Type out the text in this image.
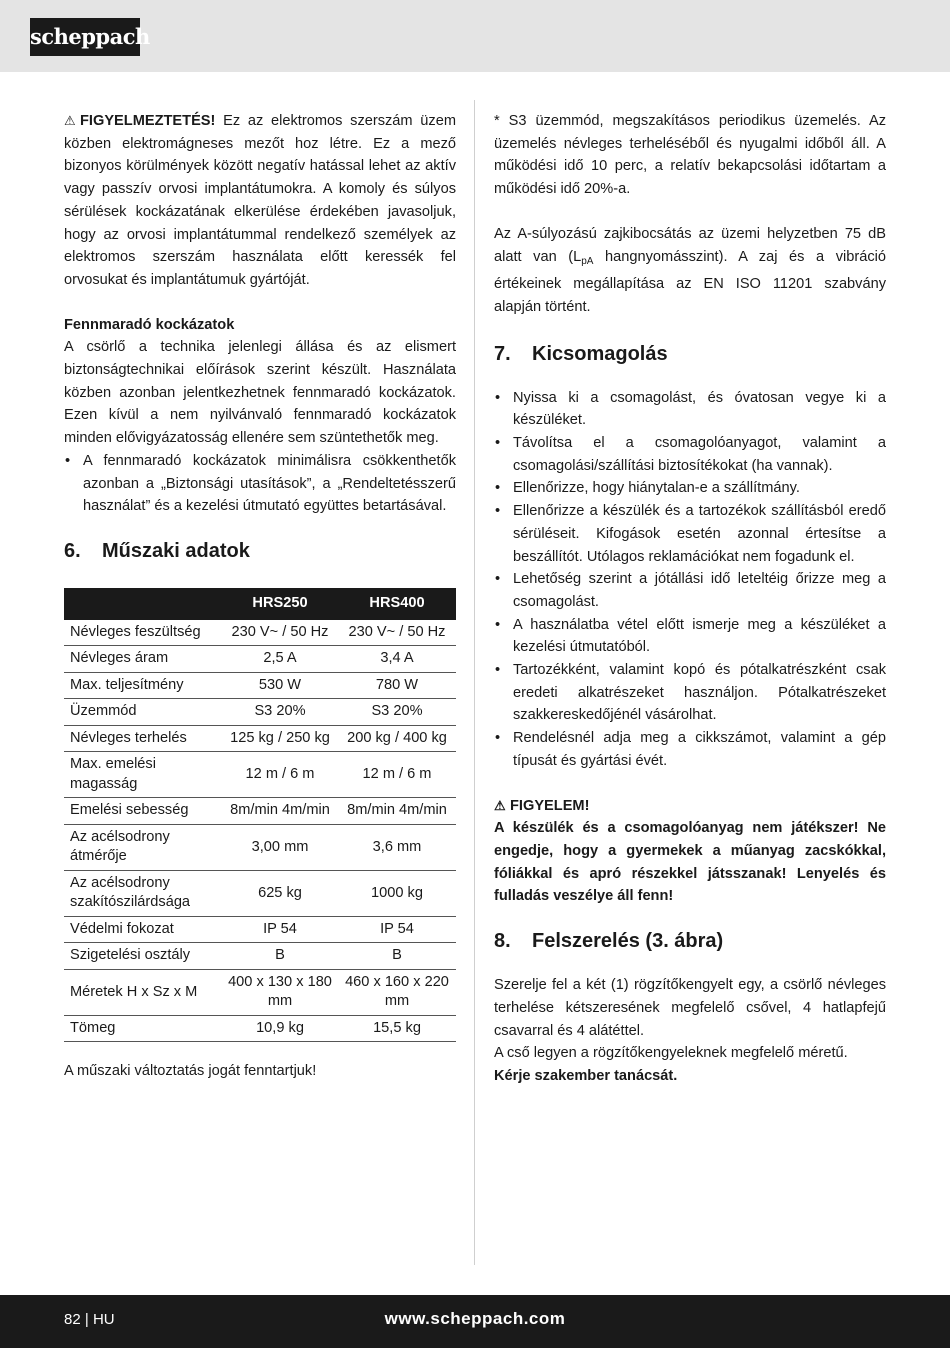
scheppach

⚠ FIGYELMEZTETÉS! Ez az elektromos szerszám üzem közben elektromágneses mezőt hoz létre. Ez a mező bizonyos körülmények között negatív hatással lehet az aktív vagy passzív orvosi implantátumokra. A komoly és súlyos sérülések kockázatának elkerülése érdekében javasoljuk, hogy az orvosi implantátummal rendelkező személyek az elektromos szerszám használata előtt keressék fel orvosukat és implantátumuk gyártóját.

Fennmaradó kockázatok

A csörlő a technika jelenlegi állása és az elismert biztonságtechnikai előírások szerint készült. Használata közben azonban jelentkezhetnek fennmaradó kockázatok. Ezen kívül a nem nyilvánvaló fennmaradó kockázatok minden elővigyázatosság ellenére sem szüntethetők meg.

• A fennmaradó kockázatok minimálisra csökkenthetők azonban a „Biztonsági utasítások”, a „Rendeltetésszerű használat” és a kezelési útmutató együttes betartásával.
6. Műszaki adatok
	HRS250	HRS400
Névleges feszültség	230 V~ / 50 Hz	230 V~ / 50 Hz
Névleges áram	2,5 A	3,4 A
Max. teljesítmény	530 W	780 W
Üzemmód	S3 20%	S3 20%
Névleges terhelés	125 kg / 250 kg	200 kg / 400 kg
Max. emelési magasság	12 m / 6 m	12 m / 6 m
Emelési sebesség	8m/min 4m/min	8m/min 4m/min
Az acélsodrony átmérője	3,00 mm	3,6 mm
Az acélsodrony szakítószilárdsága	625 kg	1000 kg
Védelmi fokozat	IP 54	IP 54
Szigetelési osztály	B	B
Méretek H x Sz x M	400 x 130 x 180 mm	460 x 160 x 220 mm
Tömeg	10,9 kg	15,5 kg

A műszaki változtatás jogát fenntartjuk!

* S3 üzemmód, megszakításos periodikus üzemelés. Az üzemelés névleges terheléséből és nyugalmi időből áll. A működési idő 10 perc, a relatív bekapcsolási időtartam a működési idő 20%-a.

Az A-súlyozású zajkibocsátás az üzemi helyzetben 75 dB alatt van ($L_{pA}$ hangnyomásszint). A zaj és a vibráció értékeinek megállapítása az EN ISO 11201 szabvány alapján történt.

7. Kicsomagolás
• Nyissa ki a csomagolást, és óvatosan vegye ki a készüléket.
• Távolítsa el a csomagolóanyagot, valamint a csomagolási/szállítási biztosítékokat (ha vannak).
• Ellenőrizze, hogy hiánytalan-e a szállítmány.
• Ellenőrizze a készülék és a tartozékok szállításból eredő sérüléseit. Kifogások esetén azonnal értesítse a beszállítót. Utólagos reklamációkat nem fogadunk el.
• Lehetőség szerint a jótállási idő leteltéig őrizze meg a csomagolást.
• A használatba vétel előtt ismerje meg a készüléket a kezelési útmutatóból.
• Tartozékként, valamint kopó és pótalkatrészként csak eredeti alkatrészeket használjon. Pótalkatrészeket szakkereskedőjénél vásárolhat.
• Rendelésnél adja meg a cikkszámot, valamint a gép típusát és gyártási évét.

⚠ FIGYELEM!

A készülék és a csomagolóanyag nem játékszer! Ne engedje, hogy a gyermekek a műanyag zacskókkal, fóliákkal és apró részekkel játsszanak! Lenyelés és fulladás veszélye áll fenn!

8. Felszerelés (3. ábra)

Szerelje fel a két (1) rögzítőkengyelt egy, a csörlő névleges terhelése kétszeresének megfelelő csővel, 4 hatlapfejű csavarral és 4 alátéttel.

A cső legyen a rögzítőkengyeleknek megfelelő méretű.

Kérje szakember tanácsát.

82 | HU	www.scheppach.com
